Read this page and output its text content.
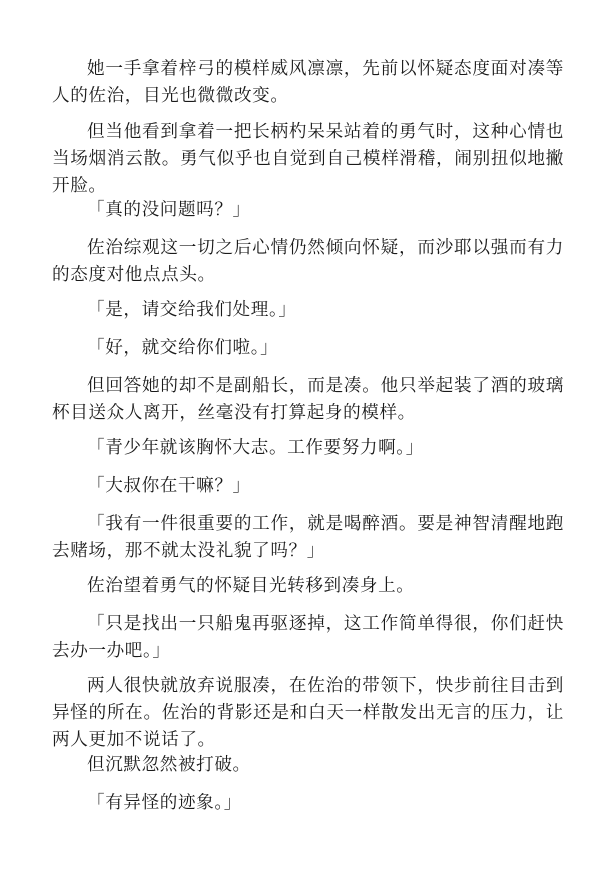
她一手拿着梓弓的模样威风凛凛，先前以怀疑态度面对凑等人的佐治，目光也微微改变。

但当他看到拿着一把长柄杓呆呆站着的勇气时，这种心情也当场烟消云散。勇气似乎也自觉到自己模样滑稽，闹别扭似地撇开脸。

「真的没问题吗？」

佐治综观这一切之后心情仍然倾向怀疑，而沙耶以强而有力的态度对他点点头。

「是，请交给我们处理。」

「好，就交给你们啦。」

但回答她的却不是副船长，而是凑。他只举起装了酒的玻璃杯目送众人离开，丝毫没有打算起身的模样。

「青少年就该胸怀大志。工作要努力啊。」

「大叔你在干嘛？」

「我有一件很重要的工作，就是喝醉酒。要是神智清醒地跑去赌场，那不就太没礼貌了吗？」

佐治望着勇气的怀疑目光转移到凑身上。

「只是找出一只船鬼再驱逐掉，这工作简单得很，你们赶快去办一办吧。」

两人很快就放弃说服凑，在佐治的带领下，快步前往目击到异怪的所在。佐治的背影还是和白天一样散发出无言的压力，让两人更加不说话了。

但沉默忽然被打破。

「有异怪的迹象。」
